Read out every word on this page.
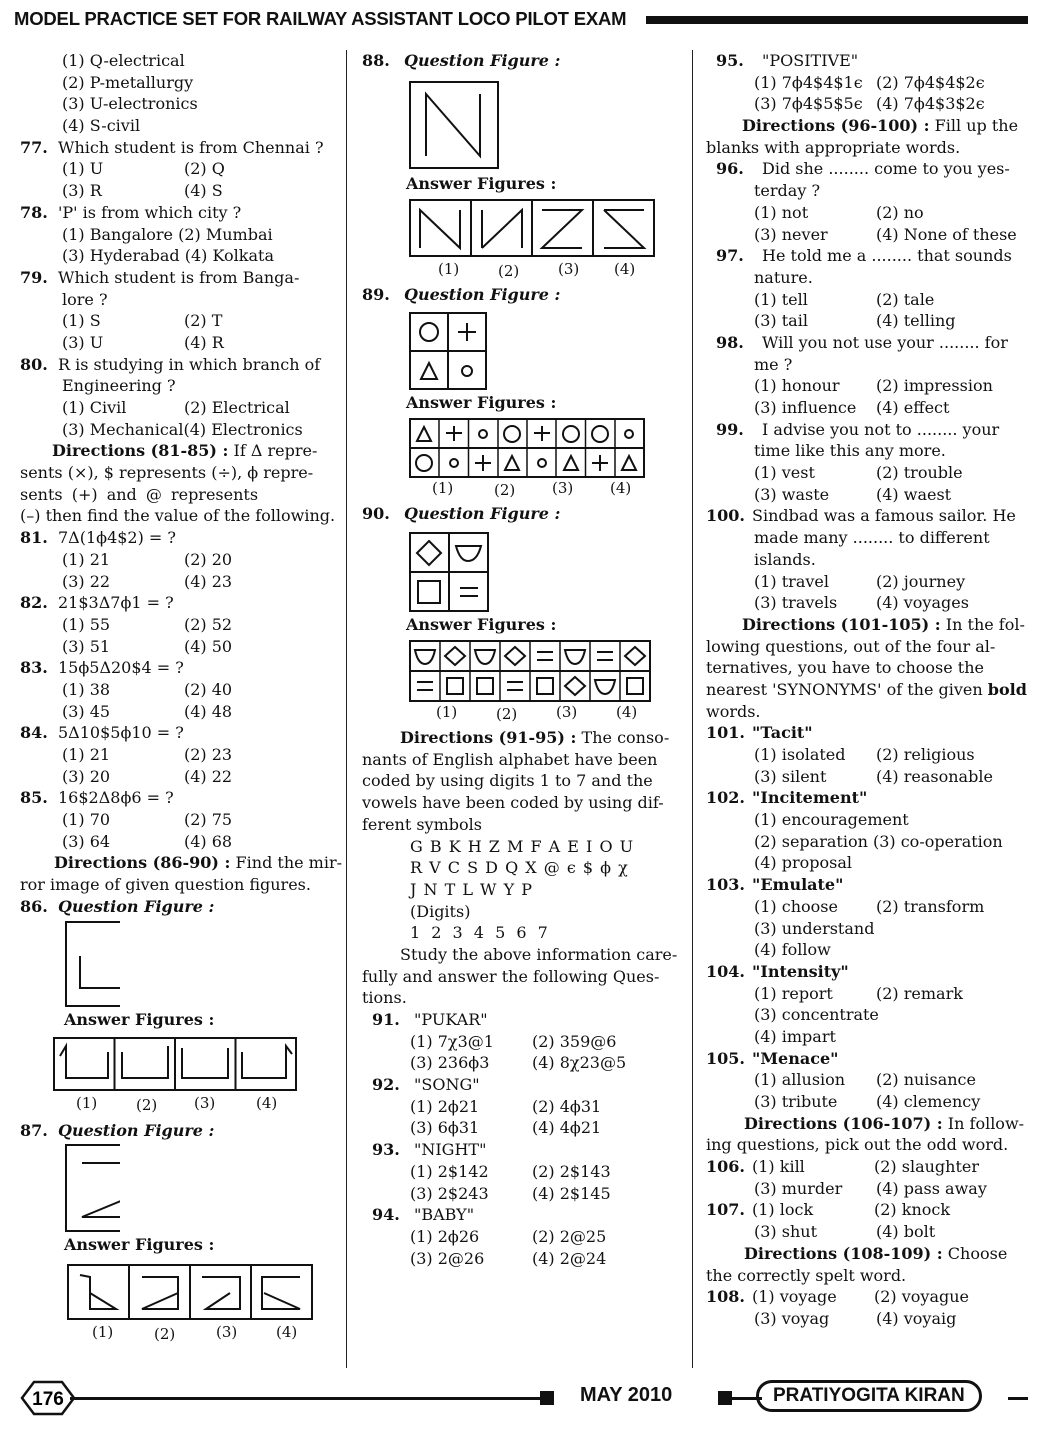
MODEL PRACTICE SET FOR RAILWAY ASSISTANT LOCO PILOT EXAM
(1) Q-electrical
(2) P-metallurgy
(3) U-electronics
(4) S-civil
77. Which student is from Chennai ?
(1) U	(2) Q
(3) R	(4) S
78. 'P' is from which city ?
(1) Bangalore (2) Mumbai
(3) Hyderabad (4) Kolkata
79. Which student is from Banga-
lore ?
(1) S	(2) T
(3) U	(4) R
80. R is studying in which branch of
Engineering ?
(1) Civil	(2) Electrical
(3) Mechanical(4) Electronics
Directions (81-85) : If Δ repre-
sents (×), $ represents (÷), ϕ repre-
sents (+) and @ represents
(–) then find the value of the following.
81. 7Δ(1ϕ4$2) = ?
(1) 21	(2) 20
(3) 22	(4) 23
82. 21$3Δ7ϕ1 = ?
(1) 55	(2) 52
(3) 51	(4) 50
83. 15ϕ5Δ20$4 = ?
(1) 38	(2) 40
(3) 45	(4) 48
84. 5Δ10$5ϕ10 = ?
(1) 21	(2) 23
(3) 20	(4) 22
85. 16$2Δ8ϕ6 = ?
(1) 70	(2) 75
(3) 64	(4) 68
Directions (86-90) : Find the mir-
ror image of given question figures.
86. Question Figure :
Answer Figures :
(1)	(2) (3)	(4)
87. Question Figure :
Answer Figures :
(1)	(2)	(3)	(4)
88. Question Figure :
Answer Figures :
(1)	(2)	(3) (4)
89. Question Figure :
Answer Figures :
(1)	(2) (3) (4)
90. Question Figure :
Answer Figures :
(1)	(2)	(3)	(4)
Directions (91-95) : The conso-
nants of English alphabet have been
coded by using digits 1 to 7 and the
vowels have been coded by using dif-
ferent symbols
G B K H Z M F A E I O U
R V C S D Q X @ ϵ $ ϕ χ
J N T L W Y P
(Digits)
1 2 3 4 5 6 7
Study the above information care-
fully and answer the following Ques-
tions.
91. "PUKAR"
(1) 7χ3@1 (2) 359@6
(3) 236ϕ3	(4) 8χ23@5
92. "SONG"
(1) 2ϕ21	(2) 4ϕ31
(3) 6ϕ31	(4) 4ϕ21
93. "NIGHT"
(1) 2$142	(2) 2$143
(3) 2$243	(4) 2$145
94. "BABY"
(1) 2ϕ26	(2) 2@25
(3) 2@26	(4) 2@24
95. "POSITIVE"
(1) 7ϕ4$4$1ϵ (2) 7ϕ4$4$2ϵ
(3) 7ϕ4$5$5ϵ (4) 7ϕ4$3$2ϵ
Directions (96-100) : Fill up the
blanks with appropriate words.
96. Did she ........ come to you yes-
terday ?
(1) not	(2) no
(3) never	(4) None of these
97. He told me a ........ that sounds
nature.
(1) tell	(2) tale
(3) tail	(4) telling
98. Will you not use your ........ for
me ?
(1) honour (2) impression
(3) influence (4) effect
99. I advise you not to ........ your
time like this any more.
(1) vest	(2) trouble
(3) waste	(4) waest
100. Sindbad was a famous sailor. He
made many ........ to different
islands.
(1) travel	(2) journey
(3) travels (4) voyages
Directions (101-105) : In the fol-
lowing questions, out of the four al-
ternatives, you have to choose the
nearest 'SYNONYMS' of the given bold
words.
101. "Tacit"
(1) isolated (2) religious
(3) silent	(4) reasonable
102. "Incitement"
(1) encouragement
(2) separation (3) co-operation
(4) proposal
103. "Emulate"
(1) choose (2) transform
(3) understand
(4) follow
104. "Intensity"
(1) report	(2) remark
(3) concentrate
(4) impart
105. "Menace"
(1) allusion (2) nuisance
(3) tribute (4) clemency
Directions (106-107) : In follow-
ing questions, pick out the odd word.
106. (1) kill	(2) slaughter
(3) murder (4) pass away
107. (1) lock	(2) knock
(3) shut	(4) bolt
Directions (108-109) : Choose
the correctly spelt word.
108. (1) voyage (2) voyague
(3) voyag	(4) voyaig
176	MAY 2010	PRATIYOGITA KIRAN
